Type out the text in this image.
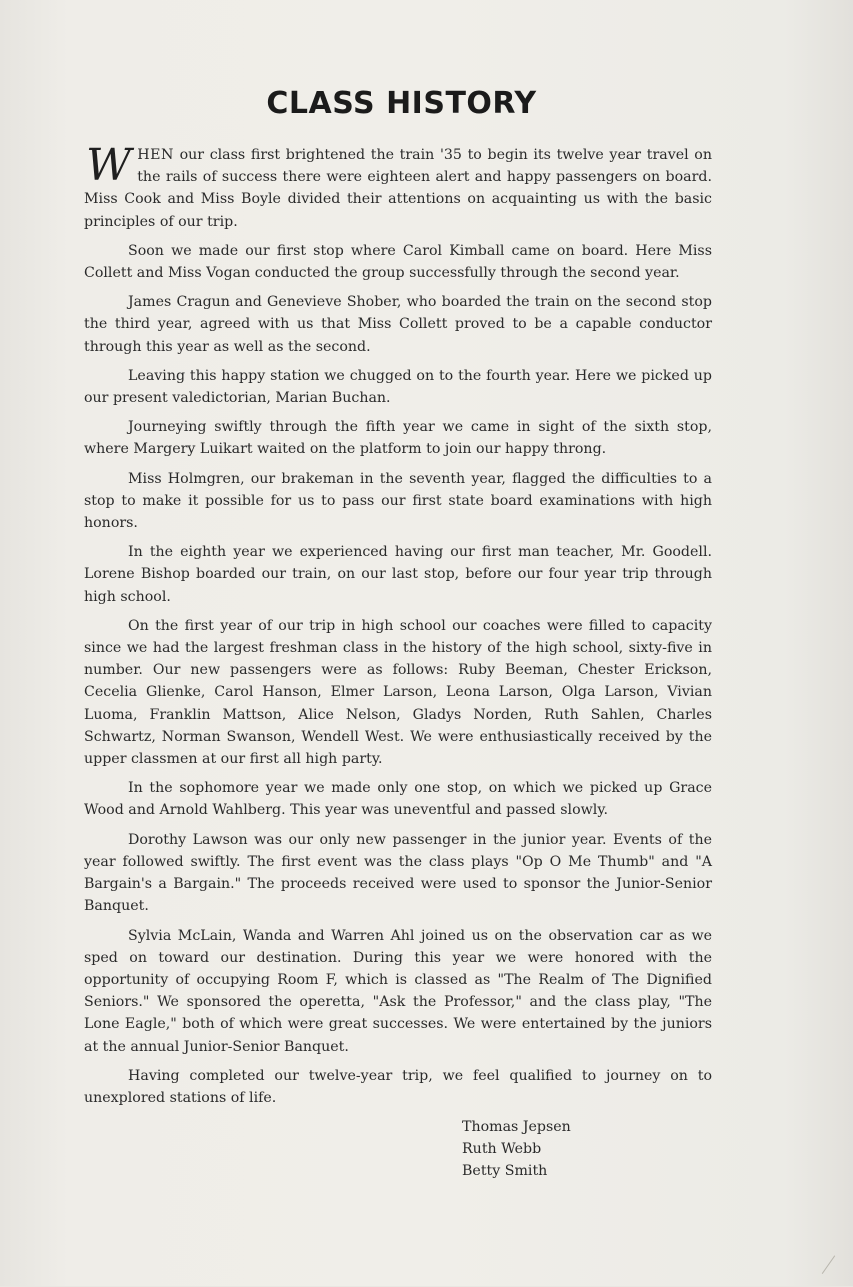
CLASS HISTORY

WHEN our class first brightened the train '35 to begin its twelve year travel on the rails of success there were eighteen alert and happy passengers on board. Miss Cook and Miss Boyle divided their attentions on acquainting us with the basic principles of our trip.

Soon we made our first stop where Carol Kimball came on board. Here Miss Collett and Miss Vogan conducted the group successfully through the second year.

James Cragun and Genevieve Shober, who boarded the train on the second stop the third year, agreed with us that Miss Collett proved to be a capable conductor through this year as well as the second.

Leaving this happy station we chugged on to the fourth year. Here we picked up our present valedictorian, Marian Buchan.

Journeying swiftly through the fifth year we came in sight of the sixth stop, where Margery Luikart waited on the platform to join our happy throng.

Miss Holmgren, our brakeman in the seventh year, flagged the difficulties to a stop to make it possible for us to pass our first state board examinations with high honors.

In the eighth year we experienced having our first man teacher, Mr. Goodell. Lorene Bishop boarded our train, on our last stop, before our four year trip through high school.

On the first year of our trip in high school our coaches were filled to capacity since we had the largest freshman class in the history of the high school, sixty-five in number. Our new passengers were as follows: Ruby Beeman, Chester Erickson, Cecelia Glienke, Carol Hanson, Elmer Larson, Leona Larson, Olga Larson, Vivian Luoma, Franklin Mattson, Alice Nelson, Gladys Norden, Ruth Sahlen, Charles Schwartz, Norman Swanson, Wendell West. We were enthusiastically received by the upper classmen at our first all high party.

In the sophomore year we made only one stop, on which we picked up Grace Wood and Arnold Wahlberg. This year was uneventful and passed slowly.

Dorothy Lawson was our only new passenger in the junior year. Events of the year followed swiftly. The first event was the class plays "Op O Me Thumb" and "A Bargain's a Bargain." The proceeds received were used to sponsor the Junior-Senior Banquet.

Sylvia McLain, Wanda and Warren Ahl joined us on the observation car as we sped on toward our destination. During this year we were honored with the opportunity of occupying Room F, which is classed as "The Realm of The Dignified Seniors." We sponsored the operetta, "Ask the Professor," and the class play, "The Lone Eagle," both of which were great successes. We were entertained by the juniors at the annual Junior-Senior Banquet.

Having completed our twelve-year trip, we feel qualified to journey on to unexplored stations of life.

Thomas Jepsen
Ruth Webb
Betty Smith
